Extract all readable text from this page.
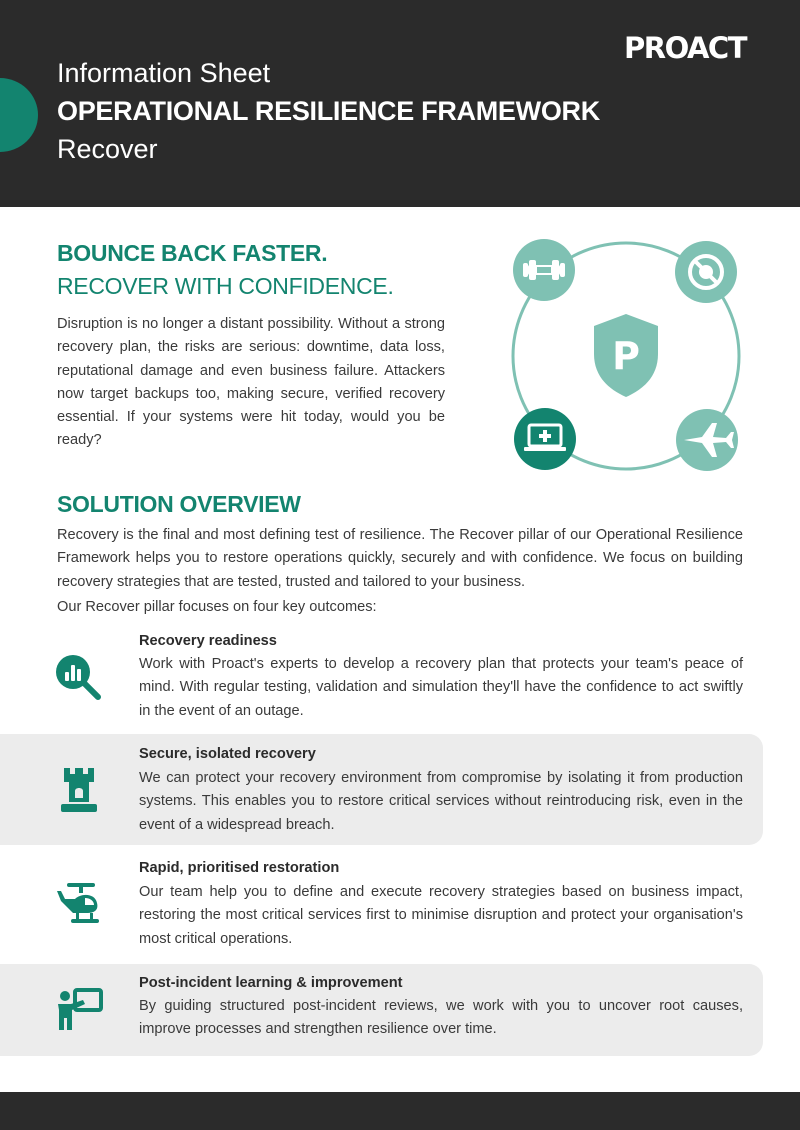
PROACT
Information Sheet
OPERATIONAL RESILIENCE FRAMEWORK
Recover
BOUNCE BACK FASTER.
RECOVER WITH CONFIDENCE.
Disruption is no longer a distant possibility. Without a strong recovery plan, the risks are serious: downtime, data loss, reputational damage and even business failure. Attackers now target backups too, making secure, verified recovery essential. If your systems were hit today, would you be ready?
P
SOLUTION OVERVIEW
Recovery is the final and most defining test of resilience. The Recover pillar of our Operational Resilience Framework helps you to restore operations quickly, securely and with confidence. We focus on building recovery strategies that are tested, trusted and tailored to your business.
Our Recover pillar focuses on four key outcomes:
Recovery readiness
Work with Proact's experts to develop a recovery plan that protects your team's peace of mind. With regular testing, validation and simulation they'll have the confidence to act swiftly in the event of an outage.
Secure, isolated recovery
We can protect your recovery environment from compromise by isolating it from production systems. This enables you to restore critical services without reintroducing risk, even in the event of a widespread breach.
Rapid, prioritised restoration
Our team help you to define and execute recovery strategies based on business impact, restoring the most critical services first to minimise disruption and protect your organisation's most critical operations.
Post-incident learning & improvement
By guiding structured post-incident reviews, we work with you to uncover root causes, improve processes and strengthen resilience over time.
